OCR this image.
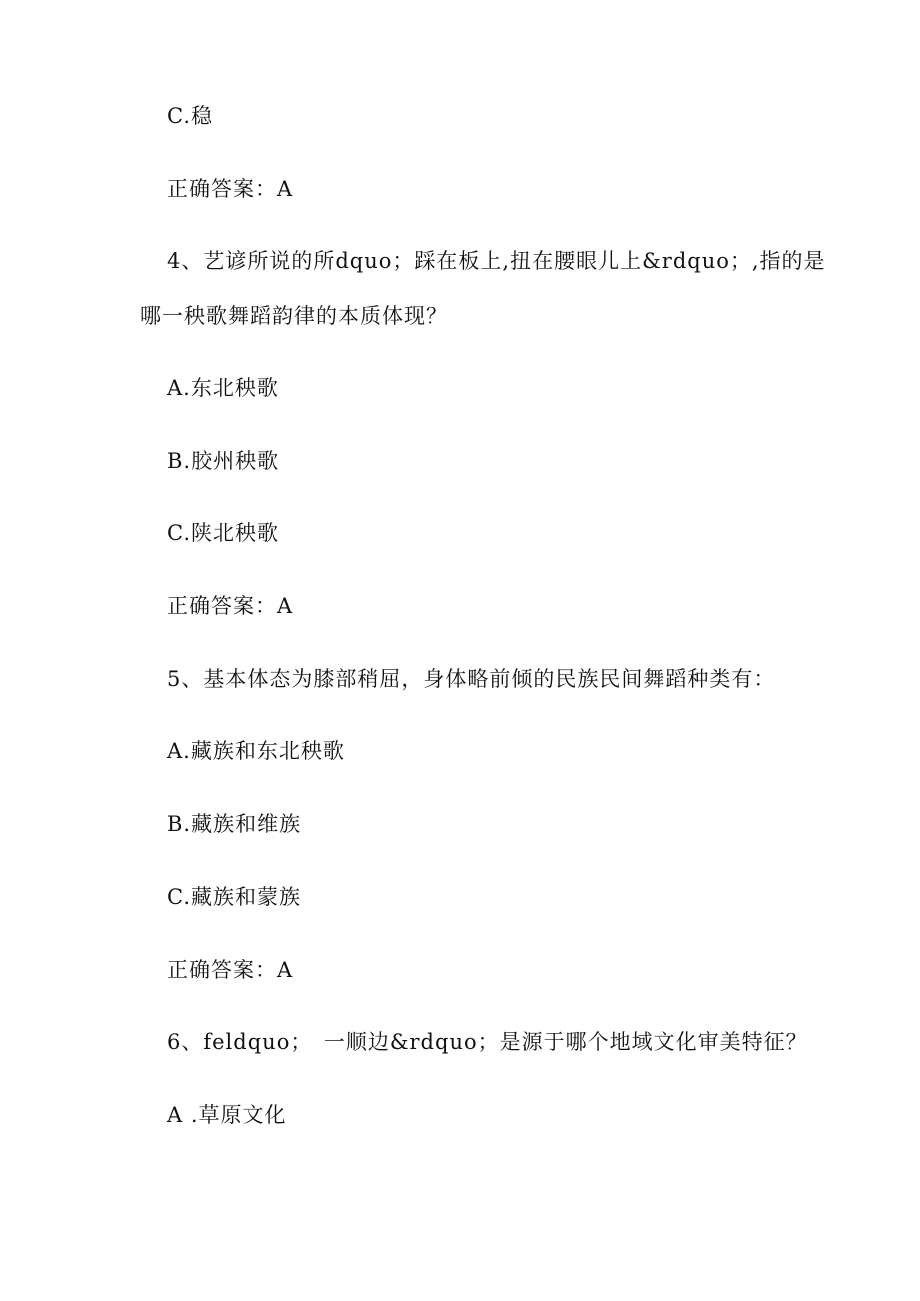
C.稳
正确答案：A
4、艺谚所说的所dquo；踩在板上,扭在腰眼儿上&rdquo；,指的是
哪一秧歌舞蹈韵律的本质体现？
A.东北秧歌
B.胶州秧歌
C.陕北秧歌
正确答案：A
5、基本体态为膝部稍屈，身体略前倾的民族民间舞蹈种类有：
A.藏族和东北秧歌
B.藏族和维族
C.藏族和蒙族
正确答案：A
6、feldquo；　一顺边&rdquo；是源于哪个地域文化审美特征？
A .草原文化
